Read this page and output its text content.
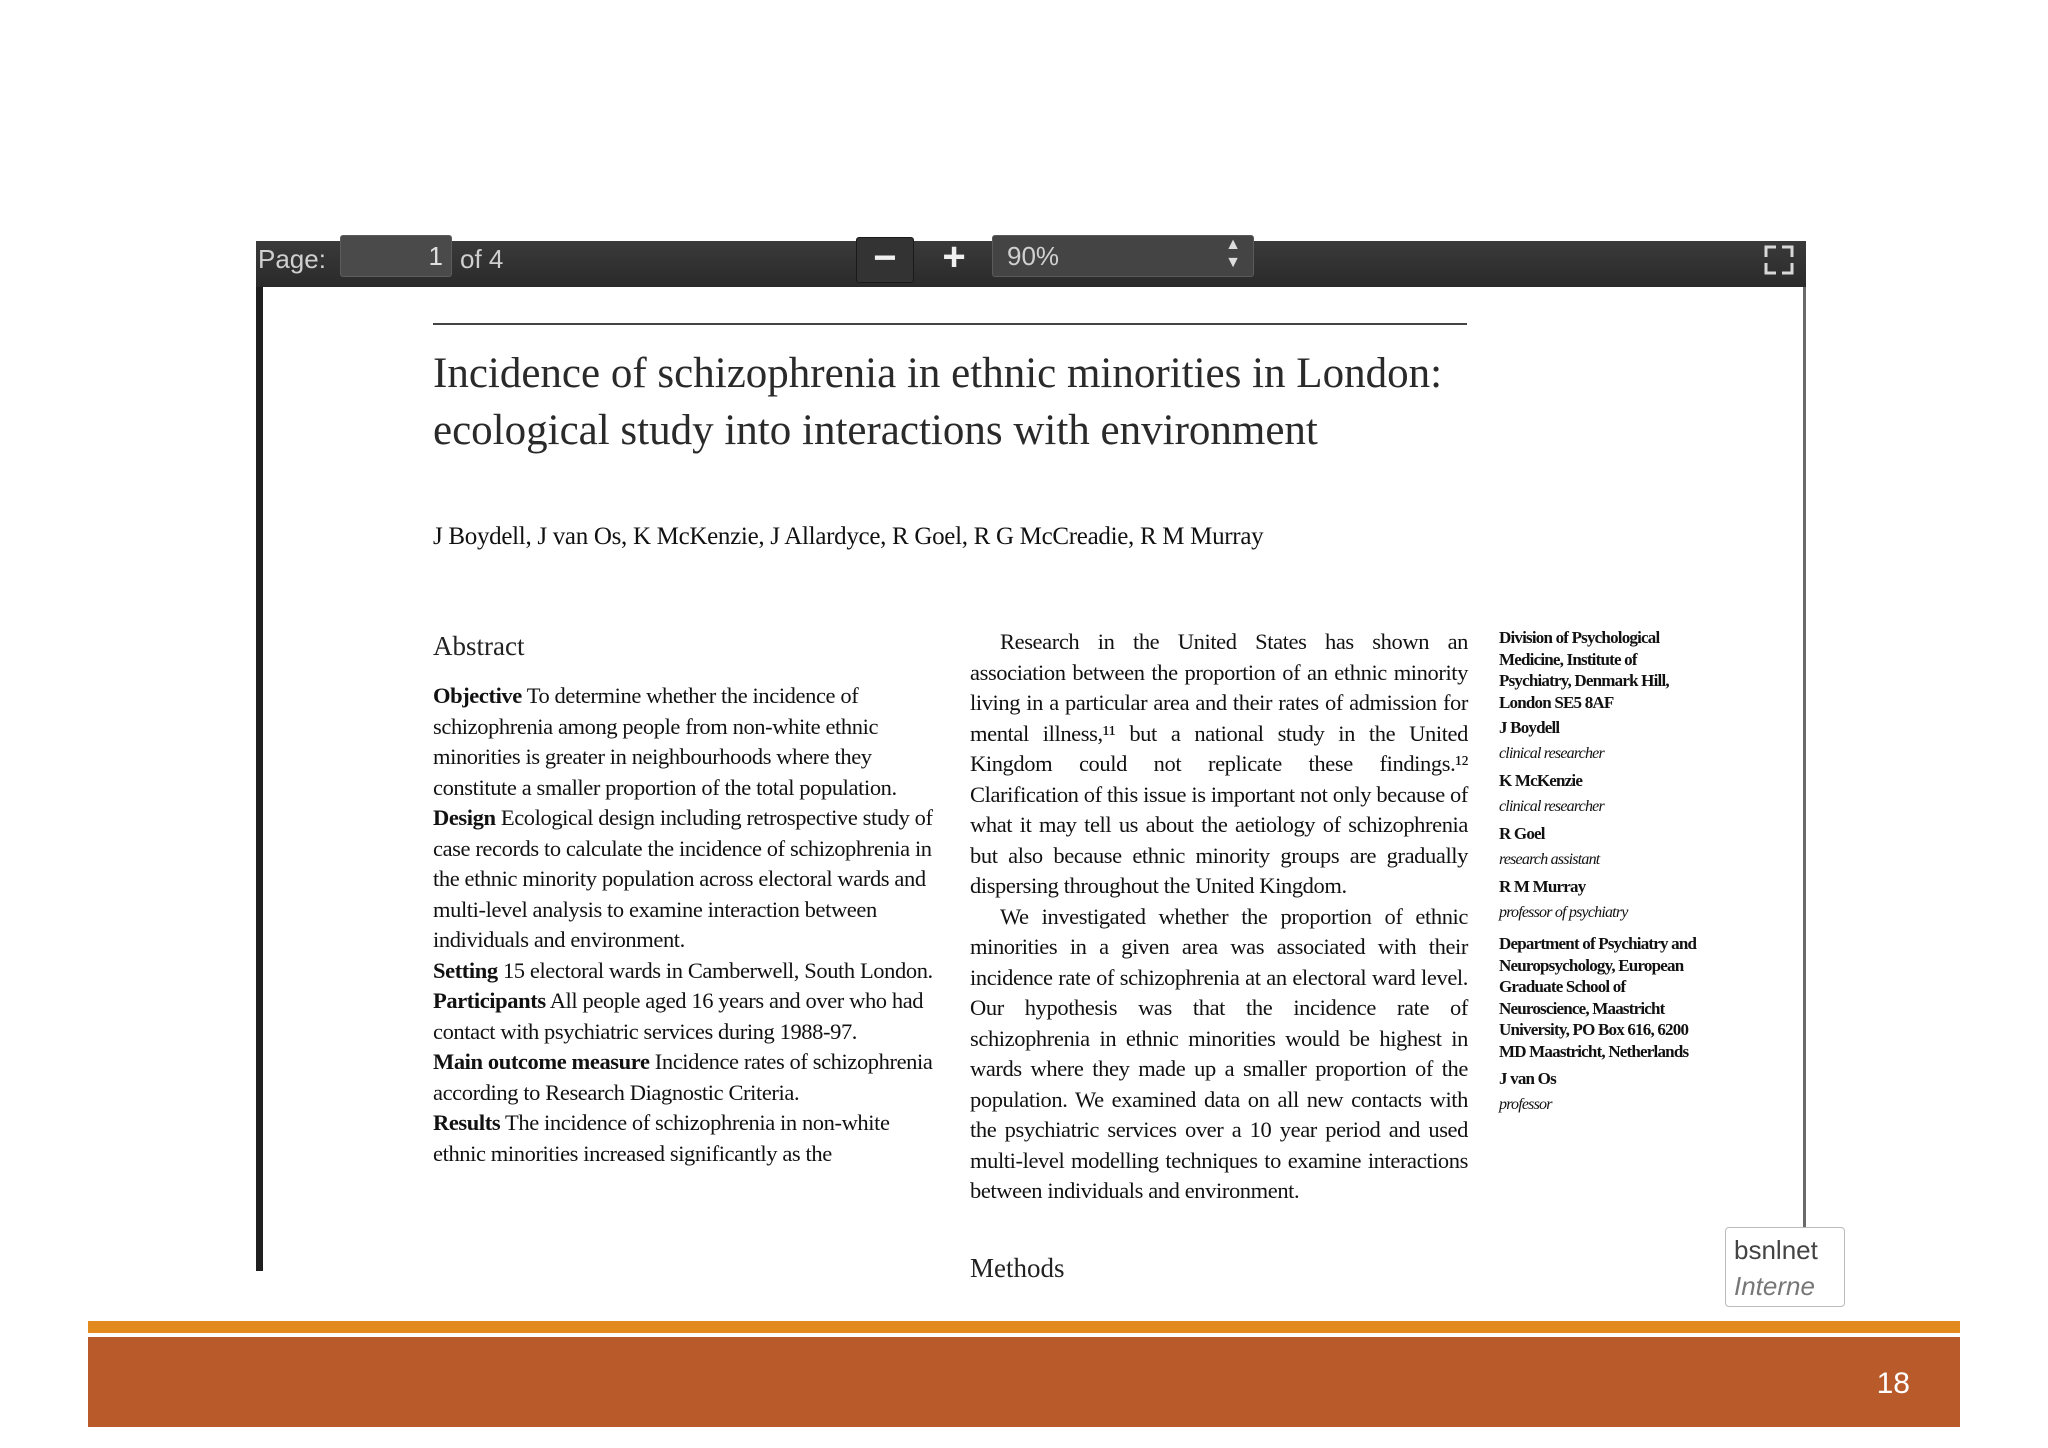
Page:
1	of 4	−	+	90%	▲
▼
Incidence of schizophrenia in ethnic minorities in London: ecological study into interactions with environment
J Boydell, J van Os, K McKenzie, J Allardyce, R Goel, R G McCreadie, R M Murray
Abstract

Objective To determine whether the incidence of schizophrenia among people from non-white ethnic minorities is greater in neighbourhoods where they constitute a smaller proportion of the total population.

Design Ecological design including retrospective study of case records to calculate the incidence of schizophrenia in the ethnic minority population across electoral wards and multi-level analysis to examine interaction between individuals and environment.

Setting 15 electoral wards in Camberwell, South London.

Participants All people aged 16 years and over who had contact with psychiatric services during 1988-97.

Main outcome measure Incidence rates of schizophrenia according to Research Diagnostic Criteria.

Results The incidence of schizophrenia in non-white ethnic minorities increased significantly as the

Research in the United States has shown an association between the proportion of an ethnic minority living in a particular area and their rates of admission for mental illness,¹¹ but a national study in the United Kingdom could not replicate these findings.¹² Clarification of this issue is important not only because of what it may tell us about the aetiology of schizophrenia but also because ethnic minority groups are gradually dispersing throughout the United Kingdom.

We investigated whether the proportion of ethnic minorities in a given area was associated with their incidence rate of schizophrenia at an electoral ward level. Our hypothesis was that the incidence rate of schizophrenia in ethnic minorities would be highest in wards where they made up a smaller proportion of the population. We examined data on all new contacts with the psychiatric services over a 10 year period and used multi-level modelling techniques to examine interactions between individuals and environment.

Methods
Division of Psychological Medicine, Institute of Psychiatry, Denmark Hill, London SE5 8AF
J Boydell
clinical researcher
K McKenzie
clinical researcher
R Goel
research assistant
R M Murray
professor of psychiatry
Department of Psychiatry and Neuropsychology, European Graduate School of Neuroscience, Maastricht University, PO Box 616, 6200 MD Maastricht, Netherlands
J van Os
professor
bsnlnet
Interne
18
